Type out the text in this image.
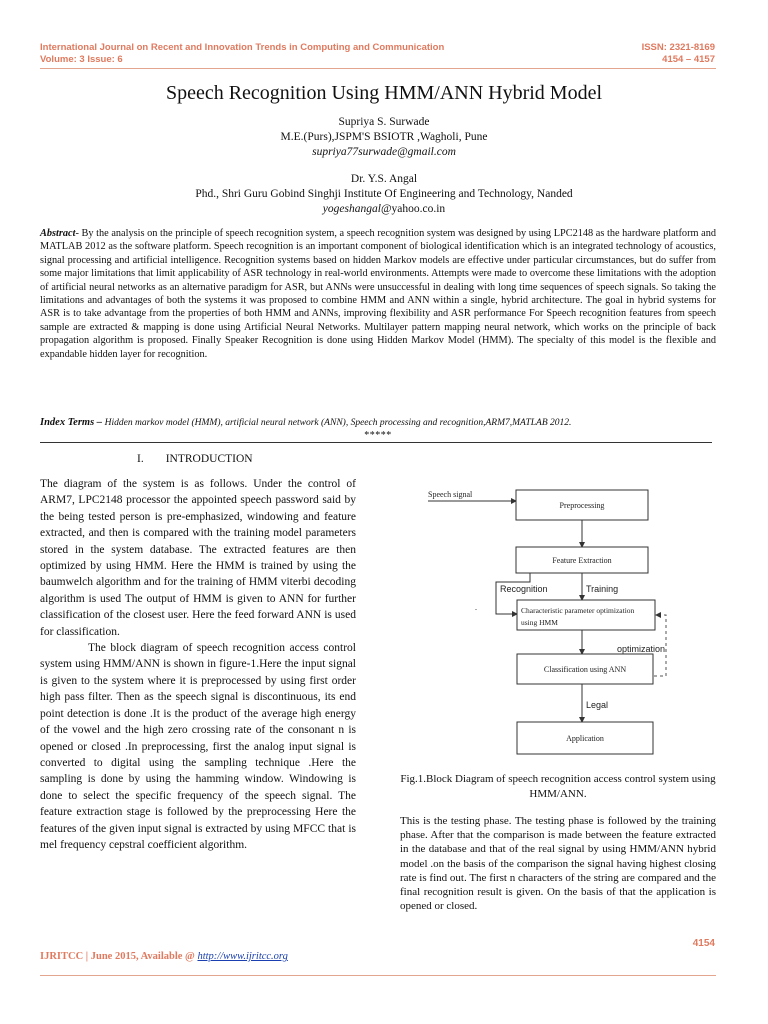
International Journal on Recent and Innovation Trends in Computing and Communication
Volume: 3 Issue: 6
ISSN: 2321-8169
4154 – 4157
Speech Recognition Using HMM/ANN Hybrid Model
Supriya S. Surwade
M.E.(Purs),JSPM'S BSIOTR ,Wagholi, Pune
supriya77surwade@gmail.com
Dr. Y.S. Angal
Phd., Shri Guru Gobind Singhji Institute Of Engineering and Technology, Nanded
yogeshangal@yahoo.co.in
Abstract- By the analysis on the principle of speech recognition system, a speech recognition system was designed by using LPC2148 as the hardware platform and MATLAB 2012 as the software platform. Speech recognition is an important component of biological identification which is an integrated technology of acoustics, signal processing and artificial intelligence. Recognition systems based on hidden Markov models are effective under particular circumstances, but do suffer from some major limitations that limit applicability of ASR technology in real-world environments. Attempts were made to overcome these limitations with the adoption of artificial neural networks as an alternative paradigm for ASR, but ANNs were unsuccessful in dealing with long time sequences of speech signals. So taking the limitations and advantages of both the systems it was proposed to combine HMM and ANN within a single, hybrid architecture. The goal in hybrid systems for ASR is to take advantage from the properties of both HMM and ANNs, improving flexibility and ASR performance For Speech recognition features from speech sample are extracted & mapping is done using Artificial Neural Networks. Multilayer pattern mapping neural network, which works on the principle of back propagation algorithm is proposed. Finally Speaker Recognition is done using Hidden Markov Model (HMM). The specialty of this model is the flexible and expandable hidden layer for recognition.
Index Terms – Hidden markov model (HMM), artificial neural network (ANN), Speech processing and recognition,ARM7,MATLAB 2012.
*****
I. INTRODUCTION

The diagram of the system is as follows. Under the control of ARM7, LPC2148 processor the appointed speech password said by the being tested person is pre-emphasized, windowing and feature extracted, and then is compared with the training model parameters stored in the system database. The extracted features are then optimized by using HMM. Here the HMM is trained by using the baumwelch algorithm and for the training of HMM viterbi decoding algorithm is used The output of HMM is given to ANN for further classification of the closest user. Here the feed forward ANN is used for classification.

The block diagram of speech recognition access control system using HMM/ANN is shown in figure-1.Here the input signal is given to the system where it is preprocessed by using first order high pass filter. Then as the speech signal is discontinuous, its end point detection is done .It is the product of the average high energy of the vowel and the high zero crossing rate of the consonant n is opened or closed .In preprocessing, first the analog input signal is converted to digital using the sampling technique .Here the sampling is done by using the hamming window. Windowing is done to select the specific frequency of the speech signal. The feature extraction stage is followed by the preprocessing Here the features of the given input signal is extracted by using MFCC that is mel frequency cepstral coefficient algorithm.

Speech signal
Preprocessing
Feature Extraction
Recognition	Training
.	Characteristic parameter optimization
using HMM
optimization
Classification using ANN
Legal
Application
Fig.1.Block Diagram of speech recognition access control system using HMM/ANN.
This is the testing phase. The testing phase is followed by the training phase. After that the comparison is made between the feature extracted in the database and that of the real signal by using HMM/ANN hybrid model .on the basis of the comparison the signal having highest closing rate is find out. The first n characters of the string are compared and the final recognition result is given. On the basis of that the application is opened or closed.
4154
IJRITCC | June 2015, Available @ http://www.ijritcc.org
